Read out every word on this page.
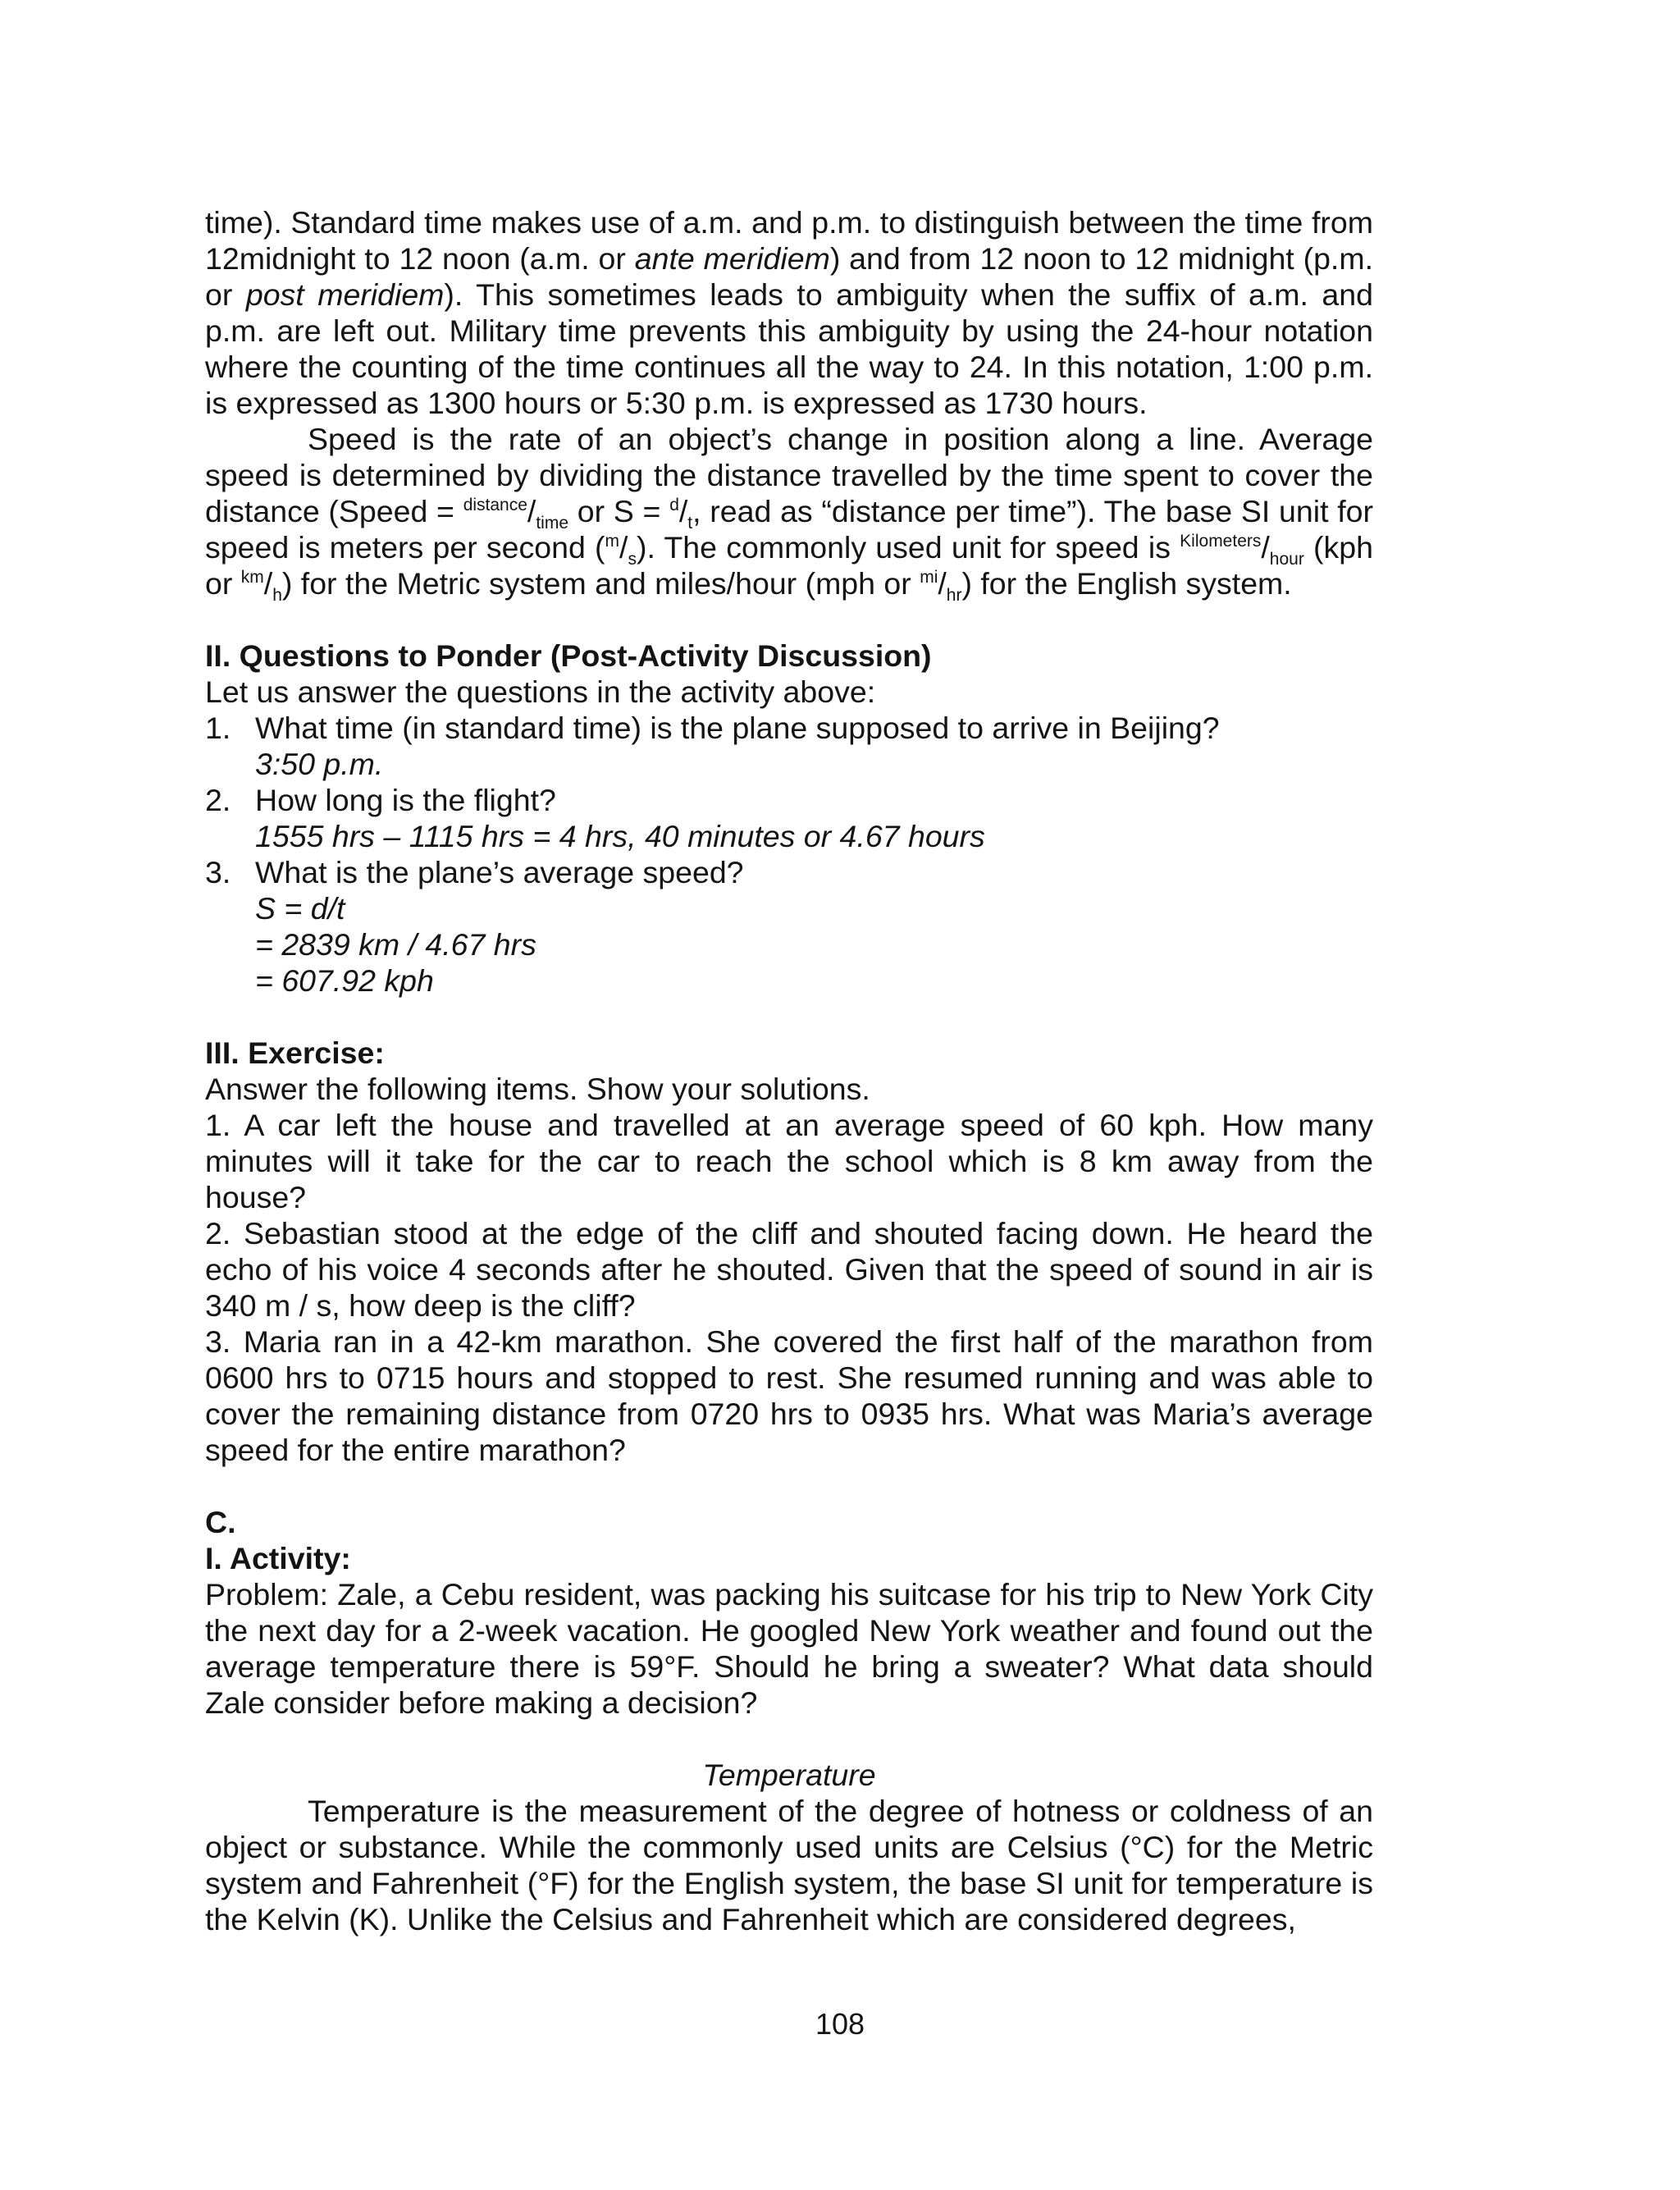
time). Standard time makes use of a.m. and p.m. to distinguish between the time from 12midnight to 12 noon (a.m. or ante meridiem) and from 12 noon to 12 midnight (p.m. or post meridiem). This sometimes leads to ambiguity when the suffix of a.m. and p.m. are left out. Military time prevents this ambiguity by using the 24-hour notation where the counting of the time continues all the way to 24. In this notation, 1:00 p.m. is expressed as 1300 hours or 5:30 p.m. is expressed as 1730 hours.

Speed is the rate of an object’s change in position along a line. Average speed is determined by dividing the distance travelled by the time spent to cover the distance (Speed = $^{distance}/_{time}$ or $S = ^d/_t$, read as “distance per time”). The base SI unit for speed is meters per second $(^m/_s)$. The commonly used unit for speed is $^{Kilometers}/_{hour}$ (kph or $^{km}/_h$) for the Metric system and miles/hour (mph or $^{mi}/_{hr}$) for the English system.

II. Questions to Ponder (Post-Activity Discussion)

Let us answer the questions in the activity above:

1. What time (in standard time) is the plane supposed to arrive in Beijing?
3:50 p.m.
2. How long is the flight?
1555 hrs – 1115 hrs = 4 hrs, 40 minutes or 4.67 hours
3. What is the plane’s average speed?
S = d/t
= 2839 km / 4.67 hrs
= 607.92 kph
III. Exercise:

Answer the following items. Show your solutions.

1. A car left the house and travelled at an average speed of 60 kph. How many minutes will it take for the car to reach the school which is 8 km away from the house?

2. Sebastian stood at the edge of the cliff and shouted facing down. He heard the echo of his voice 4 seconds after he shouted. Given that the speed of sound in air is 340 m / s, how deep is the cliff?

3. Maria ran in a 42-km marathon. She covered the first half of the marathon from 0600 hrs to 0715 hours and stopped to rest. She resumed running and was able to cover the remaining distance from 0720 hrs to 0935 hrs. What was Maria’s average speed for the entire marathon?

C.
I. Activity:

Problem: Zale, a Cebu resident, was packing his suitcase for his trip to New York City the next day for a 2-week vacation. He googled New York weather and found out the average temperature there is 59°F. Should he bring a sweater? What data should Zale consider before making a decision?

Temperature

Temperature is the measurement of the degree of hotness or coldness of an object or substance. While the commonly used units are Celsius (°C) for the Metric system and Fahrenheit (°F) for the English system, the base SI unit for temperature is the Kelvin (K). Unlike the Celsius and Fahrenheit which are considered degrees,

108
